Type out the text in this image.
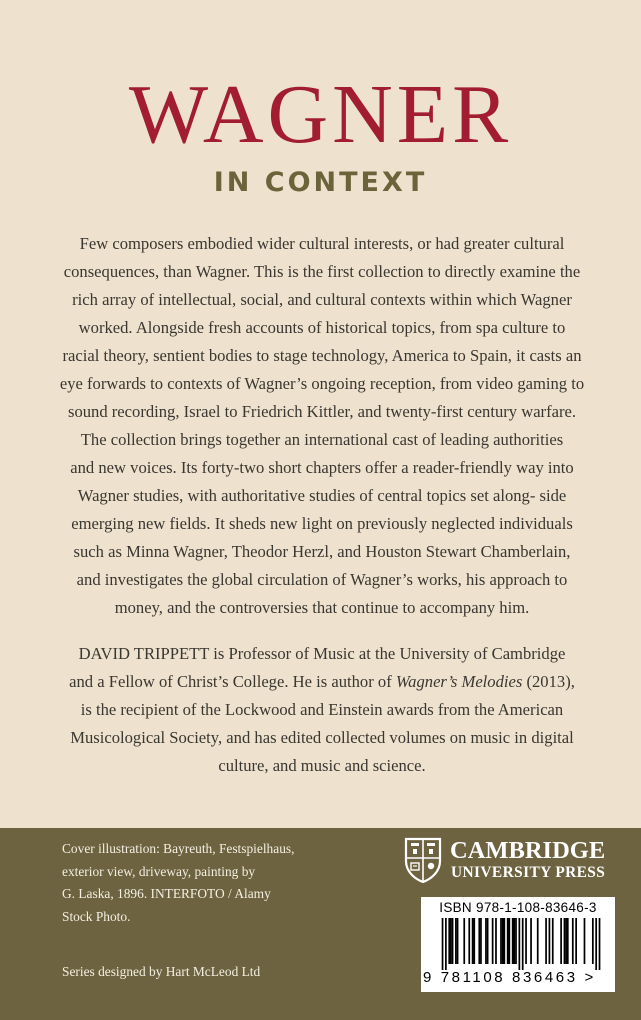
WAGNER
IN CONTEXT
Few composers embodied wider cultural interests, or had greater cultural
consequences, than Wagner. This is the first collection to directly examine the
rich array of intellectual, social, and cultural contexts within which Wagner
worked. Alongside fresh accounts of historical topics, from spa culture to
racial theory, sentient bodies to stage technology, America to Spain, it casts an
eye forwards to contexts of Wagner’s ongoing reception, from video gaming to
sound recording, Israel to Friedrich Kittler, and twenty-first century warfare.
The collection brings together an international cast of leading authorities
and new voices. Its forty-two short chapters offer a reader-friendly way into
Wagner studies, with authoritative studies of central topics set along- side
emerging new fields. It sheds new light on previously neglected individuals
such as Minna Wagner, Theodor Herzl, and Houston Stewart Chamberlain,
and investigates the global circulation of Wagner’s works, his approach to
money, and the controversies that continue to accompany him.
DAVID TRIPPETT is Professor of Music at the University of Cambridge
and a Fellow of Christ’s College. He is author of Wagner’s Melodies (2013),
is the recipient of the Lockwood and Einstein awards from the American
Musicological Society, and has edited collected volumes on music in digital
culture, and music and science.
Cover illustration: Bayreuth, Festspielhaus,
exterior view, driveway, painting by
G. Laska, 1896. INTERFOTO / Alamy
Stock Photo.
Series designed by Hart McLeod Ltd
CAMBRIDGE
UNIVERSITY PRESS
ISBN 978-1-108-83646-3
9 781108 836463 >
